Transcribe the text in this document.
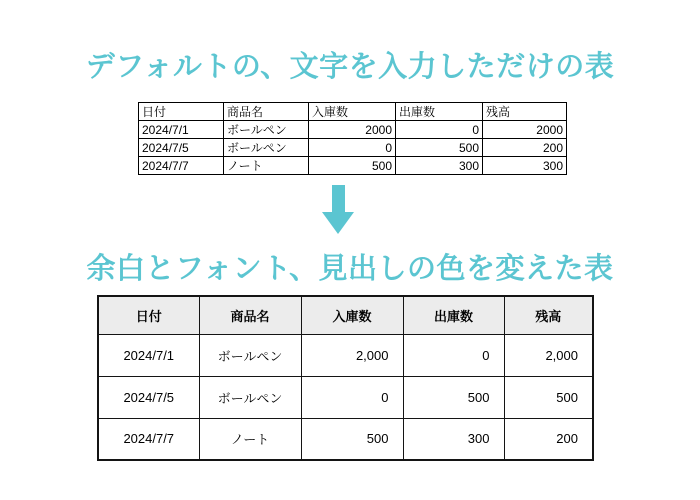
デフォルトの、文字を入力しただけの表
日付	商品名	入庫数	出庫数	残高
2024/7/1	ボールペン	2000	0	2000
2024/7/5	ボールペン	0	500	200
2024/7/7	ノート	500	300	300
余白とフォント、見出しの色を変えた表
日付	商品名	入庫数	出庫数	残高
2024/7/1	ボールペン	2,000	0	2,000
2024/7/5	ボールペン	0	500	500
2024/7/7	ノート	500	300	200
